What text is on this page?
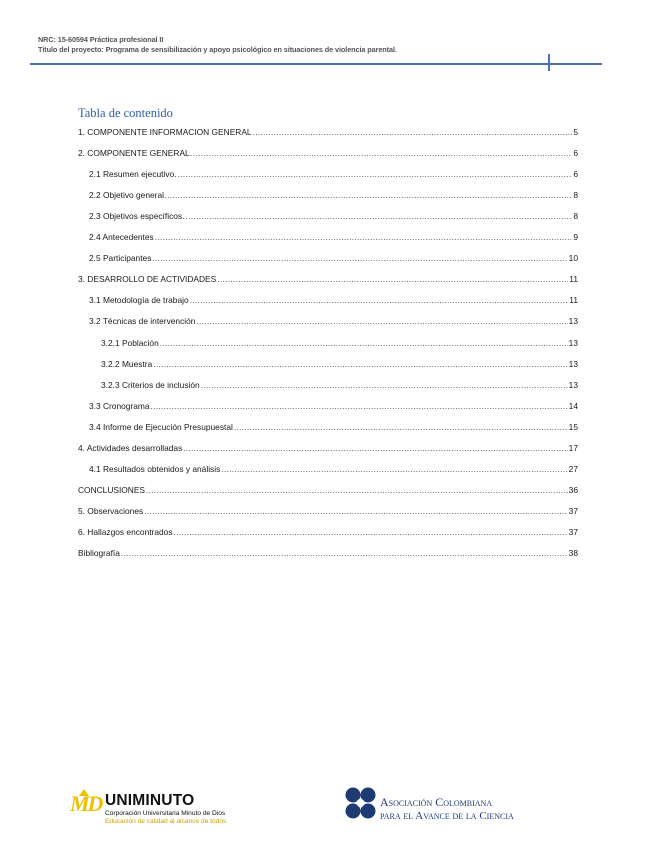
NRC: 15-60594 Práctica profesional II
Título del proyecto: Programa de sensibilización y apoyo psicológico en situaciones de violencia parental.
Tabla de contenido
1. COMPONENTE INFORMACION GENERAL .....	5
2. COMPONENTE GENERAL. .....	6
2.1 Resumen ejecutivo. .....	6
2.2 Objetivo general. .....	8
2.3 Objetivos específicos. .....	8
2.4 Antecedentes .....	9
2.5 Participantes .....	10
3. DESARROLLO DE ACTIVIDADES .....	11
3.1 Metodología de trabajo .....	11
3.2 Técnicas de intervención .....	13
3.2.1 Población .....	13
3.2.2 Muestra .....	13
3.2.3 Criterios de inclusión .....	13
3.3 Cronograma .....	14
3.4 Informe de Ejecución Presupuestal .....	15
4. Actividades desarrolladas .....	17
4.1 Resultados obtenidos y análisis .....	27
CONCLUSIONES .....	36
5. Observaciones .....	37
6. Hallazgos encontrados .....	37
Bibliografía .....	38
MD UNIMINUTO
Corporación Universitaria Minuto de Dios
Educación de calidad al alcance de todos
Asociación Colombiana
para el Avance de la Ciencia
